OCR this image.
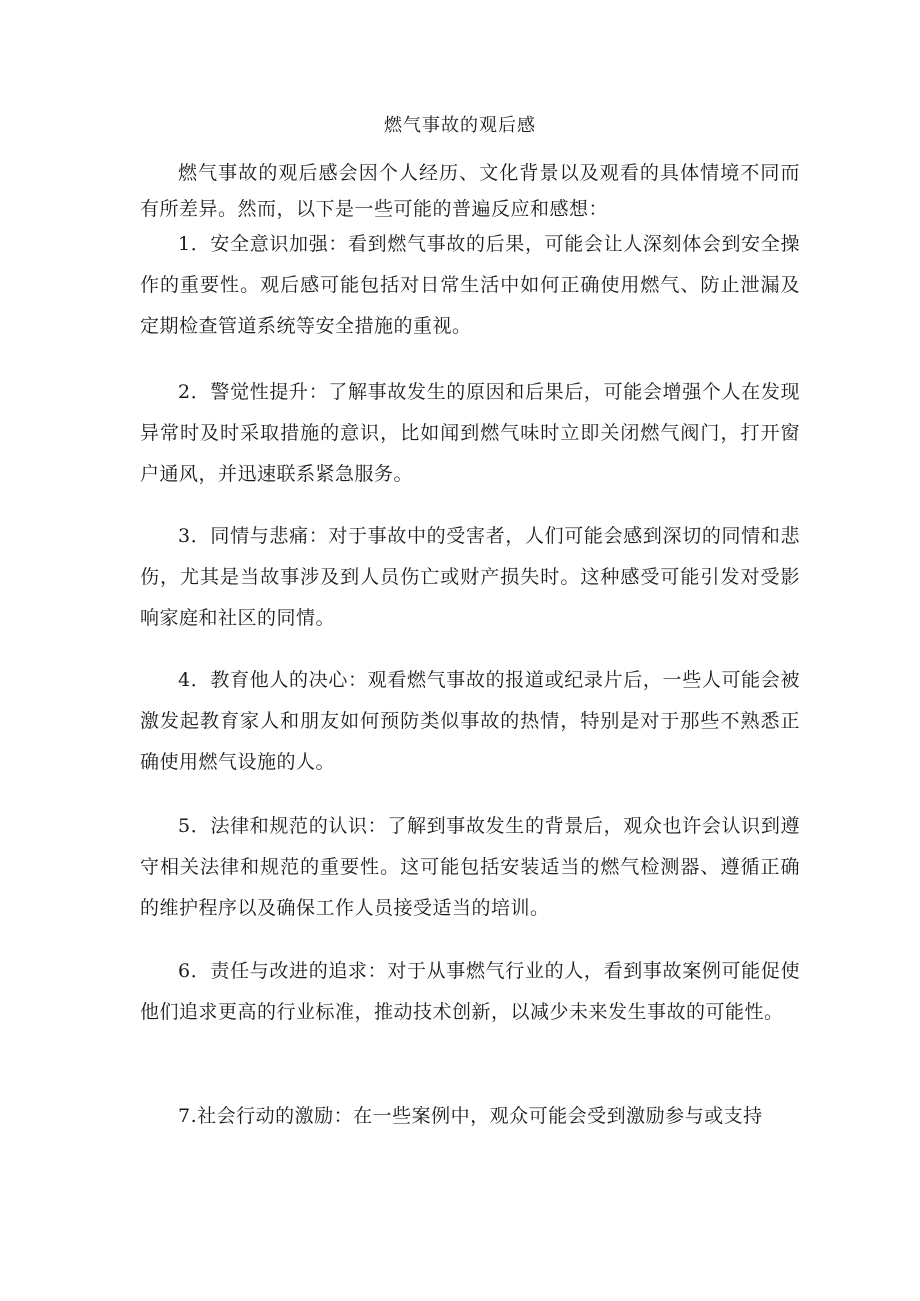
燃气事故的观后感

燃气事故的观后感会因个人经历、文化背景以及观看的具体情境不同而有所差异。然而，以下是一些可能的普遍反应和感想：

1．安全意识加强：看到燃气事故的后果，可能会让人深刻体会到安全操作的重要性。观后感可能包括对日常生活中如何正确使用燃气、防止泄漏及定期检查管道系统等安全措施的重视。

2．警觉性提升：了解事故发生的原因和后果后，可能会增强个人在发现异常时及时采取措施的意识，比如闻到燃气味时立即关闭燃气阀门，打开窗户通风，并迅速联系紧急服务。

3．同情与悲痛：对于事故中的受害者，人们可能会感到深切的同情和悲伤，尤其是当故事涉及到人员伤亡或财产损失时。这种感受可能引发对受影响家庭和社区的同情。

4．教育他人的决心：观看燃气事故的报道或纪录片后，一些人可能会被激发起教育家人和朋友如何预防类似事故的热情，特别是对于那些不熟悉正确使用燃气设施的人。

5．法律和规范的认识：了解到事故发生的背景后，观众也许会认识到遵守相关法律和规范的重要性。这可能包括安装适当的燃气检测器、遵循正确的维护程序以及确保工作人员接受适当的培训。

6．责任与改进的追求：对于从事燃气行业的人，看到事故案例可能促使他们追求更高的行业标准，推动技术创新，以减少未来发生事故的可能性。

7.社会行动的激励：在一些案例中，观众可能会受到激励参与或支持
